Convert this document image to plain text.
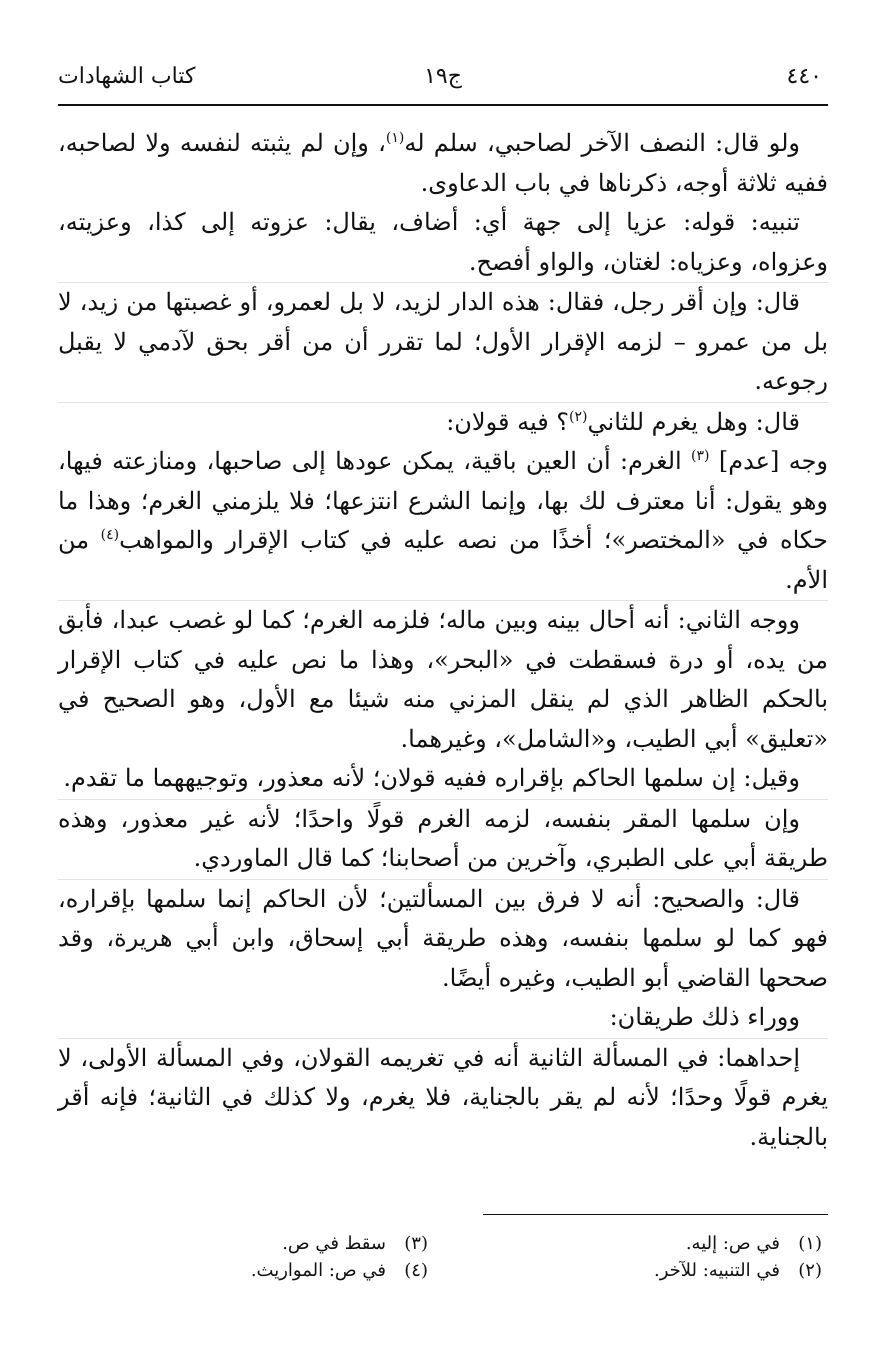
٤٤٠
ج١٩
كتاب الشهادات

ولو قال: النصف الآخر لصاحبي، سلم له$^{(١)}$، وإن لم يثبته لنفسه ولا لصاحبه، ففيه ثلاثة أوجه، ذكرناها في باب الدعاوى.

تنبيه: قوله: عزيا إلى جهة أي: أضاف، يقال: عزوته إلى كذا، وعزيته، وعزواه، وعزياه: لغتان، والواو أفصح.

قال: وإن أقر رجل، فقال: هذه الدار لزيد، لا بل لعمرو، أو غصبتها من زيد، لا بل من عمرو – لزمه الإقرار الأول؛ لما تقرر أن من أقر بحق لآدمي لا يقبل رجوعه.

قال: وهل يغرم للثاني$^{(٢)}$؟ فيه قولان:

وجه [عدم] $^{(٣)}$ الغرم: أن العين باقية، يمكن عودها إلى صاحبها، ومنازعته فيها، وهو يقول: أنا معترف لك بها، وإنما الشرع انتزعها؛ فلا يلزمني الغرم؛ وهذا ما حكاه في «المختصر»؛ أخذًا من نصه عليه في كتاب الإقرار والمواهب$^{(٤)}$ من الأم.

ووجه الثاني: أنه أحال بينه وبين ماله؛ فلزمه الغرم؛ كما لو غصب عبدا، فأبق من يده، أو درة فسقطت في «البحر»، وهذا ما نص عليه في كتاب الإقرار بالحكم الظاهر الذي لم ينقل المزني منه شيئا مع الأول، وهو الصحيح في «تعليق» أبي الطيب، و«الشامل»، وغيرهما.

وقيل: إن سلمها الحاكم بإقراره ففيه قولان؛ لأنه معذور، وتوجيههما ما تقدم.

وإن سلمها المقر بنفسه، لزمه الغرم قولًا واحدًا؛ لأنه غير معذور، وهذه طريقة أبي على الطبري، وآخرين من أصحابنا؛ كما قال الماوردي.

قال: والصحيح: أنه لا فرق بين المسألتين؛ لأن الحاكم إنما سلمها بإقراره، فهو كما لو سلمها بنفسه، وهذه طريقة أبي إسحاق، وابن أبي هريرة، وقد صححها القاضي أبو الطيب، وغيره أيضًا.

ووراء ذلك طريقان:

إحداهما: في المسألة الثانية أنه في تغريمه القولان، وفي المسألة الأولى، لا يغرم قولًا وحدًا؛ لأنه لم يقر بالجناية، فلا يغرم، ولا كذلك في الثانية؛ فإنه أقر بالجناية.

(١)في ص: إليه.
(٢)في التنبيه: للآخر.
(٣)سقط في ص.
(٤)في ص: المواريث.
